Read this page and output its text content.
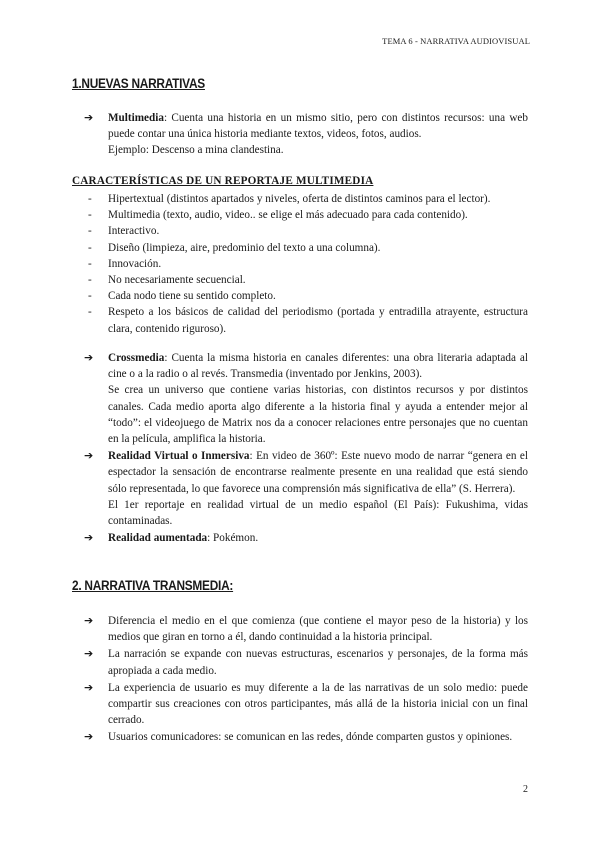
TEMA 6 - NARRATIVA AUDIOVISUAL
1.NUEVAS NARRATIVAS
➔ Multimedia: Cuenta una historia en un mismo sitio, pero con distintos recursos: una web puede contar una única historia mediante textos, videos, fotos, audios.

Ejemplo: Descenso a mina clandestina.

CARACTERÍSTICAS DE UN REPORTAJE MULTIMEDIA
- Hipertextual (distintos apartados y niveles, oferta de distintos caminos para el lector).
- Multimedia (texto, audio, video.. se elige el más adecuado para cada contenido).
- Interactivo.
- Diseño (limpieza, aire, predominio del texto a una columna).
- Innovación.
- No necesariamente secuencial.
- Cada nodo tiene su sentido completo.
- Respeto a los básicos de calidad del periodismo (portada y entradilla atrayente, estructura clara, contenido riguroso).
➔ Crossmedia: Cuenta la misma historia en canales diferentes: una obra literaria adaptada al cine o a la radio o al revés. Transmedia (inventado por Jenkins, 2003).

Se crea un universo que contiene varias historias, con distintos recursos y por distintos canales. Cada medio aporta algo diferente a la historia final y ayuda a entender mejor al “todo”: el videojuego de Matrix nos da a conocer relaciones entre personajes que no cuentan en la película, amplifica la historia.

➔ Realidad Virtual o Inmersiva: En video de 360º: Este nuevo modo de narrar “genera en el espectador la sensación de encontrarse realmente presente en una realidad que está siendo sólo representada, lo que favorece una comprensión más significativa de ella” (S. Herrera).

El 1er reportaje en realidad virtual de un medio español (El País): Fukushima, vidas contaminadas.

➔ Realidad aumentada: Pokémon.

2. NARRATIVA TRANSMEDIA:
➔ Diferencia el medio en el que comienza (que contiene el mayor peso de la historia) y los medios que giran en torno a él, dando continuidad a la historia principal.

➔ La narración se expande con nuevas estructuras, escenarios y personajes, de la forma más apropiada a cada medio.

➔ La experiencia de usuario es muy diferente a la de las narrativas de un solo medio: puede compartir sus creaciones con otros participantes, más allá de la historia inicial con un final cerrado.

➔ Usuarios comunicadores: se comunican en las redes, dónde comparten gustos y opiniones.

2
